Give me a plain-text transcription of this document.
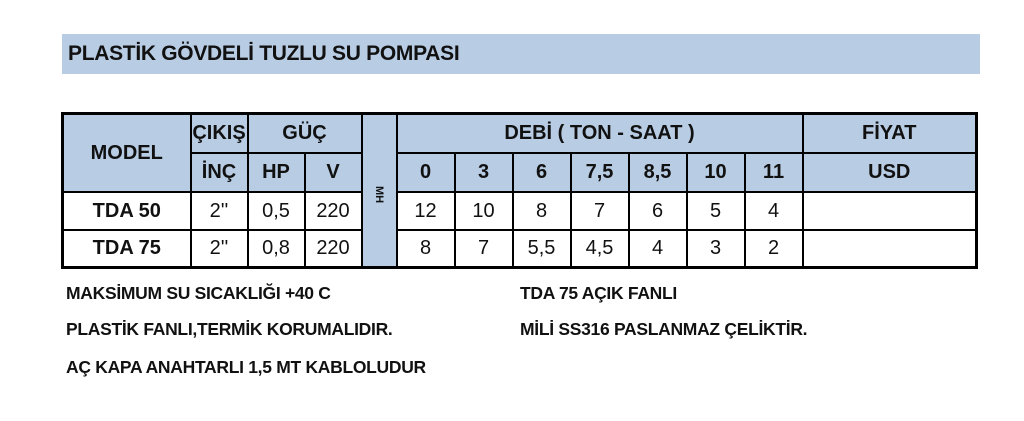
PLASTİK GÖVDELİ TUZLU SU POMPASI
MODEL	ÇIKIŞ	GÜÇ		MH	DEBİ ( TON - SAAT )							FİYAT
	İNÇ	HP	V		0	3	6	7,5	8,5	10	11	USD
TDA 50	2''	0,5	220		12	10	8	7	6	5	4	
TDA 75	2''	0,8	220		8	7	5,5	4,5	4	3	2	
MAKSİMUM SU SICAKLIĞI +40 C
PLASTİK FANLI,TERMİK KORUMALIDIR.
AÇ KAPA ANAHTARLI 1,5 MT KABLOLUDUR
TDA 75 AÇIK FANLI
MİLİ SS316 PASLANMAZ ÇELİKTİR.
